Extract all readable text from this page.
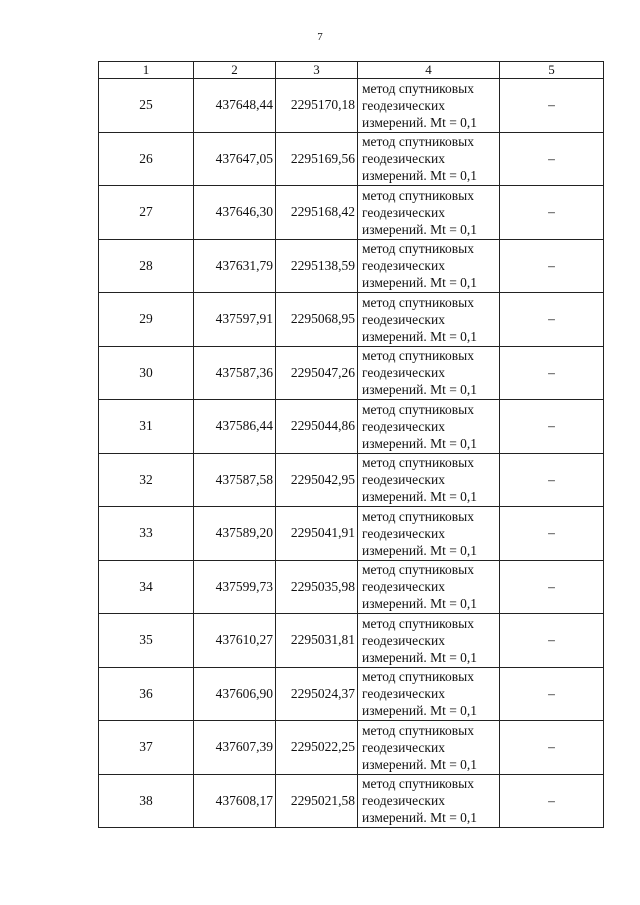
7
1	2	3	4	5
25	437648,44	2295170,18	метод спутниковых
геодезических
измерений. Mt = 0,1	–
26	437647,05	2295169,56	метод спутниковых
геодезических
измерений. Mt = 0,1	–
27	437646,30	2295168,42	метод спутниковых
геодезических
измерений. Mt = 0,1	–
28	437631,79	2295138,59	метод спутниковых
геодезических
измерений. Mt = 0,1	–
29	437597,91	2295068,95	метод спутниковых
геодезических
измерений. Mt = 0,1	–
30	437587,36	2295047,26	метод спутниковых
геодезических
измерений. Mt = 0,1	–
31	437586,44	2295044,86	метод спутниковых
геодезических
измерений. Mt = 0,1	–
32	437587,58	2295042,95	метод спутниковых
геодезических
измерений. Mt = 0,1	–
33	437589,20	2295041,91	метод спутниковых
геодезических
измерений. Mt = 0,1	–
34	437599,73	2295035,98	метод спутниковых
геодезических
измерений. Mt = 0,1	–
35	437610,27	2295031,81	метод спутниковых
геодезических
измерений. Mt = 0,1	–
36	437606,90	2295024,37	метод спутниковых
геодезических
измерений. Mt = 0,1	–
37	437607,39	2295022,25	метод спутниковых
геодезических
измерений. Mt = 0,1	–
38	437608,17	2295021,58	метод спутниковых
геодезических
измерений. Mt = 0,1	–
